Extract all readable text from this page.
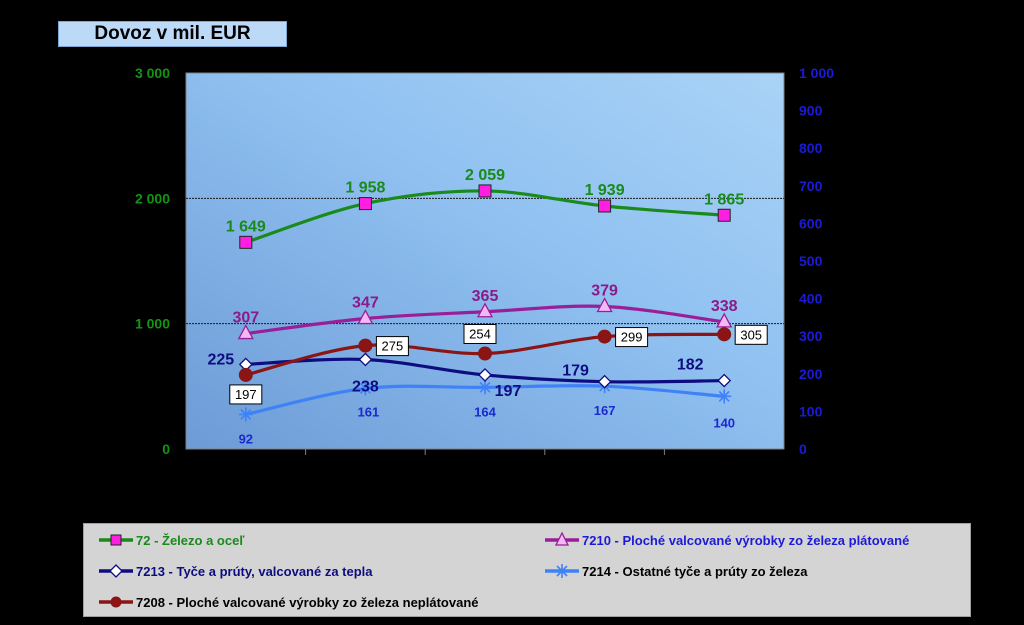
Dovoz v mil. EUR
0
1 000
2 000
3 000
0
100
200
300
400
500
600
700
800
900
1 000
1 649
1 958
2 059
1 939
1 865
307
347	365	379
338
225
238	197
179	182
92
161	164	167
140
197
275
254	299	305
72 - Železo a oceľ	7210 - Ploché valcované výrobky zo železa plátované
7213 - Tyče a prúty, valcované za tepla	7214 - Ostatné tyče a prúty zo železa
7208 - Ploché valcované výrobky zo železa neplátované
